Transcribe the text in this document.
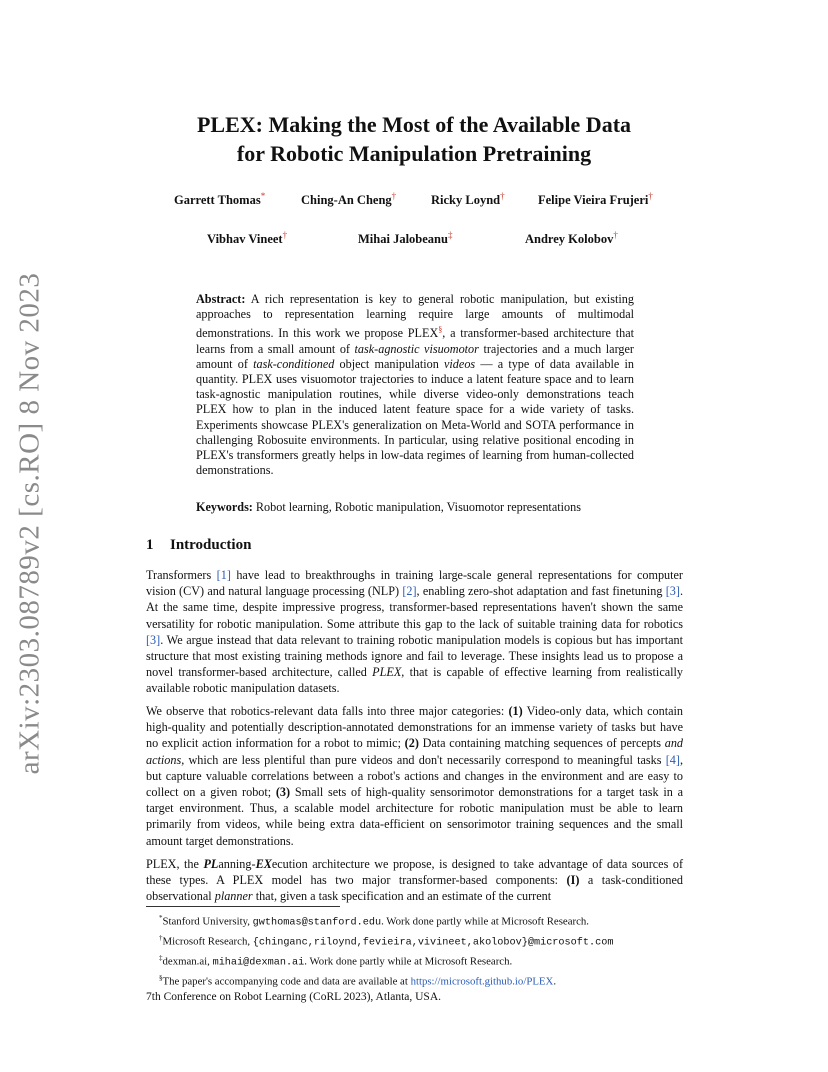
arXiv:2303.08789v2 [cs.RO] 8 Nov 2023
PLEX: Making the Most of the Available Data
for Robotic Manipulation Pretraining
Garrett Thomas*	Ching-An Cheng†	Ricky Loynd†	Felipe Vieira Frujeri†
Vibhav Vineet†	Mihai Jalobeanu‡	Andrey Kolobov†
Abstract: A rich representation is key to general robotic manipulation, but existing approaches to representation learning require large amounts of multimodal demonstrations. In this work we propose PLEX§, a transformer-based architecture that learns from a small amount of task-agnostic visuomotor trajectories and a much larger amount of task-conditioned object manipulation videos — a type of data available in quantity. PLEX uses visuomotor trajectories to induce a latent feature space and to learn task-agnostic manipulation routines, while diverse video-only demonstrations teach PLEX how to plan in the induced latent feature space for a wide variety of tasks. Experiments showcase PLEX's generalization on Meta-World and SOTA performance in challenging Robosuite environments. In particular, using relative positional encoding in PLEX's transformers greatly helps in low-data regimes of learning from human-collected demonstrations.
Keywords: Robot learning, Robotic manipulation, Visuomotor representations
1 Introduction
Transformers [1] have lead to breakthroughs in training large-scale general representations for computer vision (CV) and natural language processing (NLP) [2], enabling zero-shot adaptation and fast finetuning [3]. At the same time, despite impressive progress, transformer-based representations haven't shown the same versatility for robotic manipulation. Some attribute this gap to the lack of suitable training data for robotics [3]. We argue instead that data relevant to training robotic manipulation models is copious but has important structure that most existing training methods ignore and fail to leverage. These insights lead us to propose a novel transformer-based architecture, called PLEX, that is capable of effective learning from realistically available robotic manipulation datasets.
We observe that robotics-relevant data falls into three major categories: (1) Video-only data, which contain high-quality and potentially description-annotated demonstrations for an immense variety of tasks but have no explicit action information for a robot to mimic; (2) Data containing matching sequences of percepts and actions, which are less plentiful than pure videos and don't necessarily correspond to meaningful tasks [4], but capture valuable correlations between a robot's actions and changes in the environment and are easy to collect on a given robot; (3) Small sets of high-quality sensorimotor demonstrations for a target task in a target environment. Thus, a scalable model architecture for robotic manipulation must be able to learn primarily from videos, while being extra data-efficient on sensorimotor training sequences and the small amount target demonstrations.
PLEX, the PLanning-EXecution architecture we propose, is designed to take advantage of data sources of these types. A PLEX model has two major transformer-based components: (I) a task-conditioned observational planner that, given a task specification and an estimate of the current
*Stanford University, gwthomas@stanford.edu. Work done partly while at Microsoft Research.
†Microsoft Research, {chinganc,riloynd,fevieira,vivineet,akolobov}@microsoft.com
‡dexman.ai, mihai@dexman.ai. Work done partly while at Microsoft Research.
§The paper's accompanying code and data are available at https://microsoft.github.io/PLEX.
7th Conference on Robot Learning (CoRL 2023), Atlanta, USA.
